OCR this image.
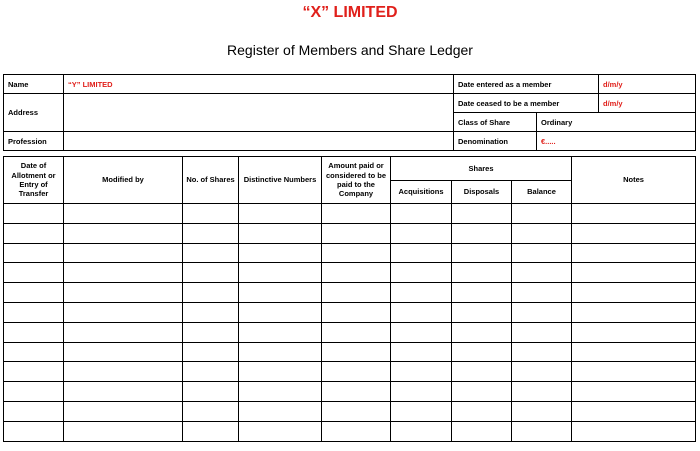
“X” LIMITED
Register of Members and Share Ledger
Name	“Y” LIMITED	Date entered as a member		d/m/y
Address		Date ceased to be a member		d/m/y
		Class of Share	Ordinary	
Profession		Denomination	€.....	
Date of Allotment or Entry of Transfer	Modified by	No. of Shares	Distinctive Numbers	Amount paid or considered to be paid to the Company	Shares			Notes
					Acquisitions	Disposals	Balance	
